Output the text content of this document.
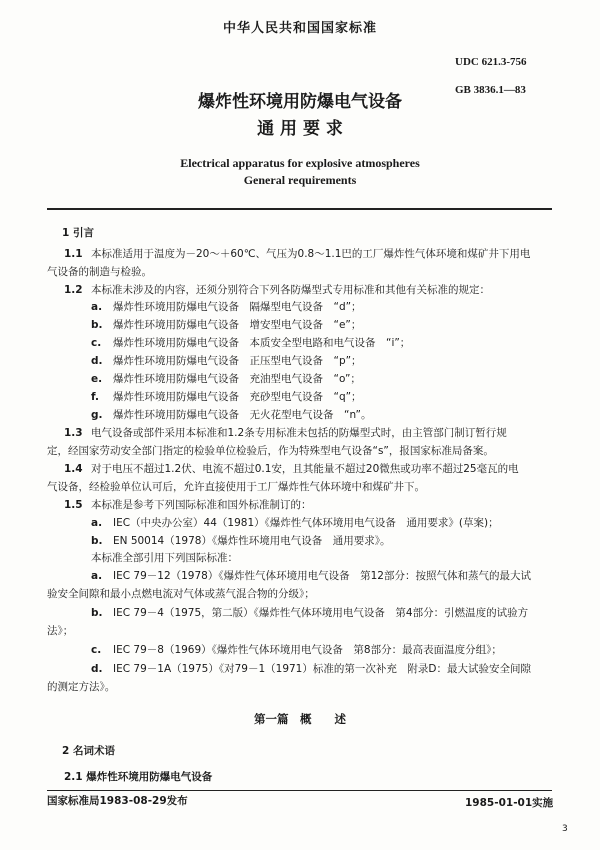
中华人民共和国国家标准
UDC 621.3-756
GB 3836.1—83
爆炸性环境用防爆电气设备
通 用 要 求
Electrical apparatus for explosive atmospheres
General requirements
1 引言
1.1 本标准适用于温度为－20～＋60℃、气压为0.8～1.1巴的工厂爆炸性气体环境和煤矿井下用电
气设备的制造与检验。
1.2 本标准未涉及的内容，还须分别符合下列各防爆型式专用标准和其他有关标准的规定：
a. 爆炸性环境用防爆电气设备　隔爆型电气设备　“d”；
b. 爆炸性环境用防爆电气设备　增安型电气设备　“e”；
c. 爆炸性环境用防爆电气设备　本质安全型电路和电气设备　“i”；
d. 爆炸性环境用防爆电气设备　正压型电气设备　“p”；
e. 爆炸性环境用防爆电气设备　充油型电气设备　“o”；
f. 爆炸性环境用防爆电气设备　充砂型电气设备　“q”；
g. 爆炸性环境用防爆电气设备　无火花型电气设备　“n”。
1.3 电气设备或部件采用本标准和1.2条专用标准未包括的防爆型式时，由主管部门制订暂行规
定，经国家劳动安全部门指定的检验单位检验后，作为特殊型电气设备“s”，报国家标准局备案。
1.4 对于电压不超过1.2伏、电流不超过0.1安，且其能量不超过20微焦或功率不超过25毫瓦的电
气设备，经检验单位认可后，允许直接使用于工厂爆炸性气体环境中和煤矿井下。
1.5 本标准是参考下列国际标准和国外标准制订的：
a. IEC（中央办公室）44（1981）《爆炸性气体环境用电气设备　通用要求》(草案)；
b. EN 50014（1978）《爆炸性环境用电气设备　通用要求》。
本标准全部引用下列国际标准：
a. IEC 79－12（1978）《爆炸性气体环境用电气设备　第12部分：按照气体和蒸气的最大试
验安全间隙和最小点燃电流对气体或蒸气混合物的分级》；
b. IEC 79－4（1975，第二版）《爆炸性气体环境用电气设备　第4部分：引燃温度的试验方
法》；
c. IEC 79－8（1969）《爆炸性气体环境用电气设备　第8部分：最高表面温度分组》；
d. IEC 79－1A（1975）《对79－1（1971）标准的第一次补充　附录D：最大试验安全间隙
的测定方法》。
第一篇　概　　述
2 名词术语
2.1 爆炸性环境用防爆电气设备
国家标准局1983-08-29发布	1985-01-01实施
3
